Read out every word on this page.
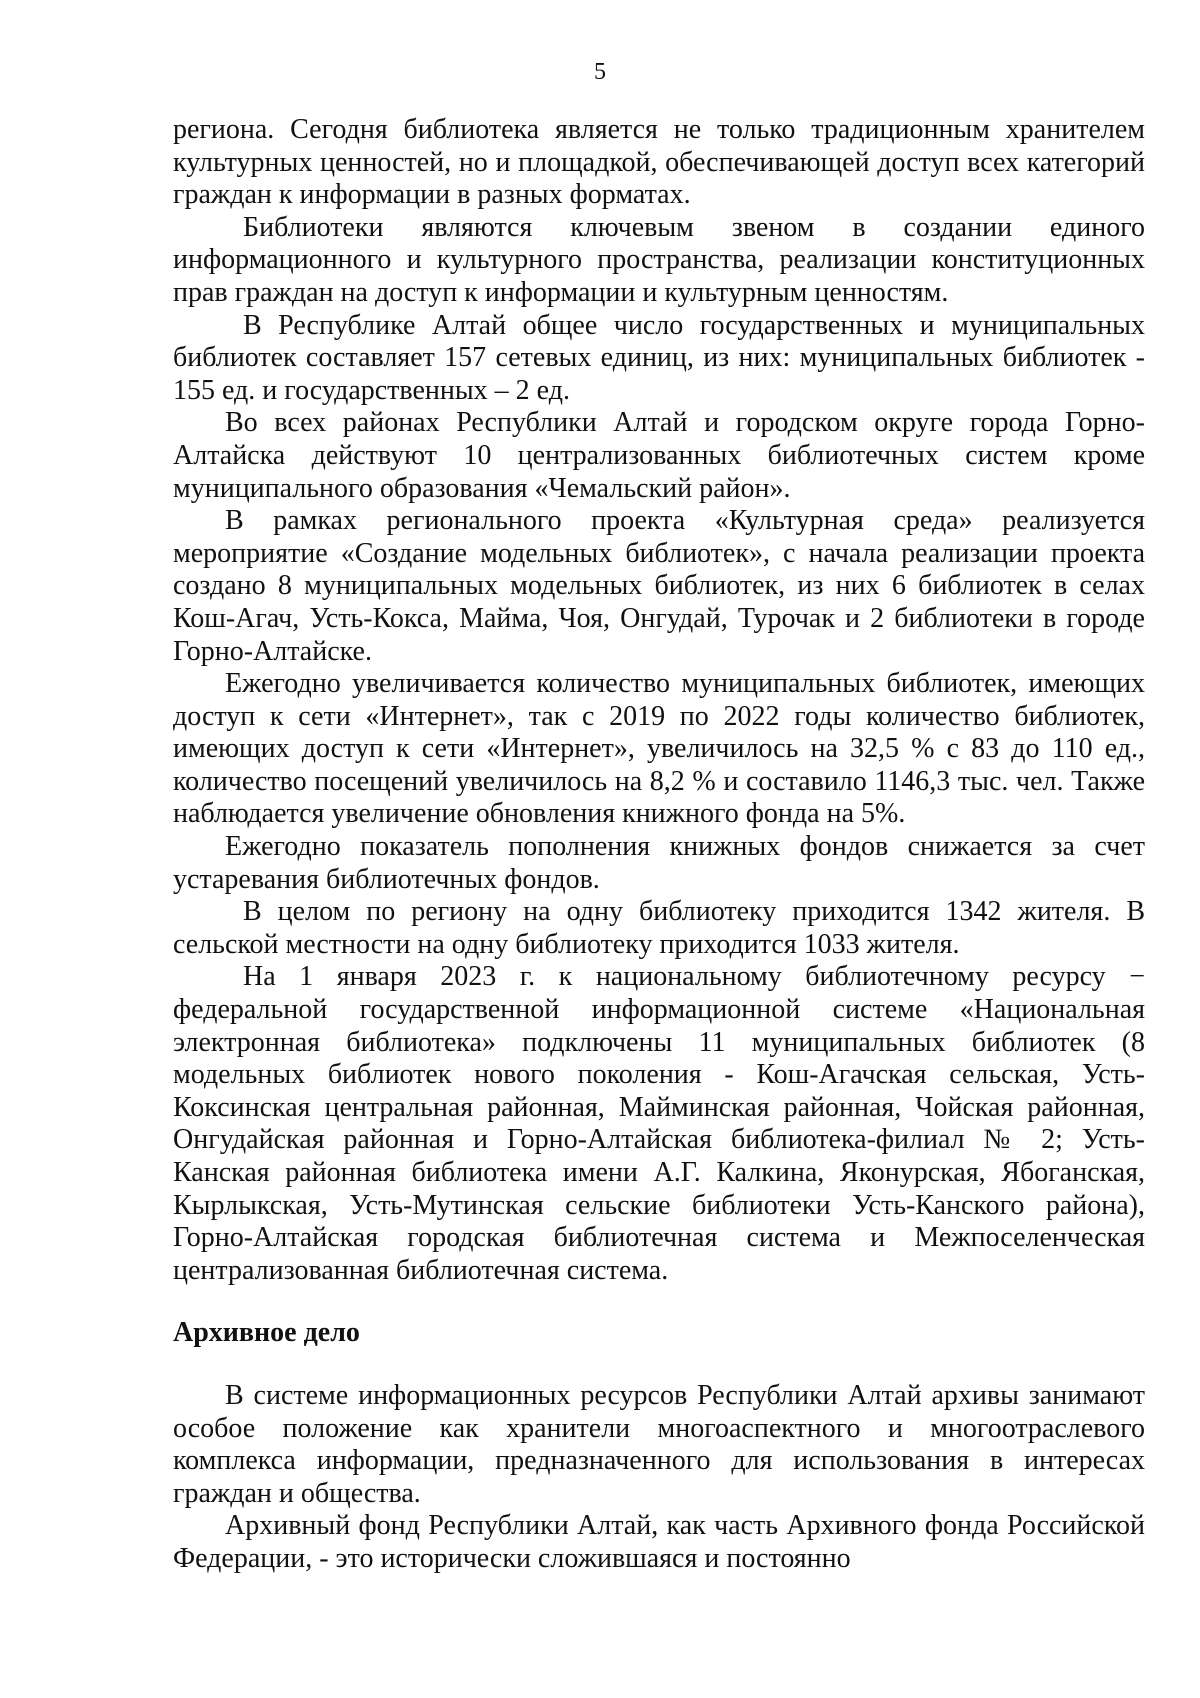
5

региона. Сегодня библиотека является не только традиционным хранителем культурных ценностей, но и площадкой, обеспечивающей доступ всех категорий граждан к информации в разных форматах.

Библиотеки являются ключевым звеном в создании единого информационного и культурного пространства, реализации конституционных прав граждан на доступ к информации и культурным ценностям.

В Республике Алтай общее число государственных и муниципальных библиотек составляет 157 сетевых единиц, из них: муниципальных библиотек - 155 ед. и государственных – 2 ед.

Во всех районах Республики Алтай и городском округе города Горно-Алтайска действуют 10 централизованных библиотечных систем кроме муниципального образования «Чемальский район».

В рамках регионального проекта «Культурная среда» реализуется мероприятие «Создание модельных библиотек», с начала реализации проекта создано 8 муниципальных модельных библиотек, из них 6 библиотек в селах Кош-Агач, Усть-Кокса, Майма, Чоя, Онгудай, Турочак и 2 библиотеки в городе Горно-Алтайске.

Ежегодно увеличивается количество муниципальных библиотек, имеющих доступ к сети «Интернет», так с 2019 по 2022 годы количество библиотек, имеющих доступ к сети «Интернет», увеличилось на 32,5 % с 83 до 110 ед., количество посещений увеличилось на 8,2 % и составило 1146,3 тыс. чел. Также наблюдается увеличение обновления книжного фонда на 5%.

Ежегодно показатель пополнения книжных фондов снижается за счет устаревания библиотечных фондов.

В целом по региону на одну библиотеку приходится 1342 жителя. В сельской местности на одну библиотеку приходится 1033 жителя.

На 1 января 2023 г. к национальному библиотечному ресурсу − федеральной государственной информационной системе «Национальная электронная библиотека» подключены 11 муниципальных библиотек (8 модельных библиотек нового поколения - Кош-Агачская сельская, Усть-Коксинская центральная районная, Майминская районная, Чойская районная, Онгудайская районная и Горно-Алтайская библиотека-филиал № 2; Усть-Канская районная библиотека имени А.Г. Калкина, Яконурская, Ябоганская, Кырлыкская, Усть-Мутинская сельские библиотеки Усть-Канского района), Горно-Алтайская городская библиотечная система и Межпоселенческая централизованная библиотечная система.

Архивное дело

В системе информационных ресурсов Республики Алтай архивы занимают особое положение как хранители многоаспектного и многоотраслевого комплекса информации, предназначенного для использования в интересах граждан и общества.

Архивный фонд Республики Алтай, как часть Архивного фонда Российской Федерации, - это исторически сложившаяся и постоянно
